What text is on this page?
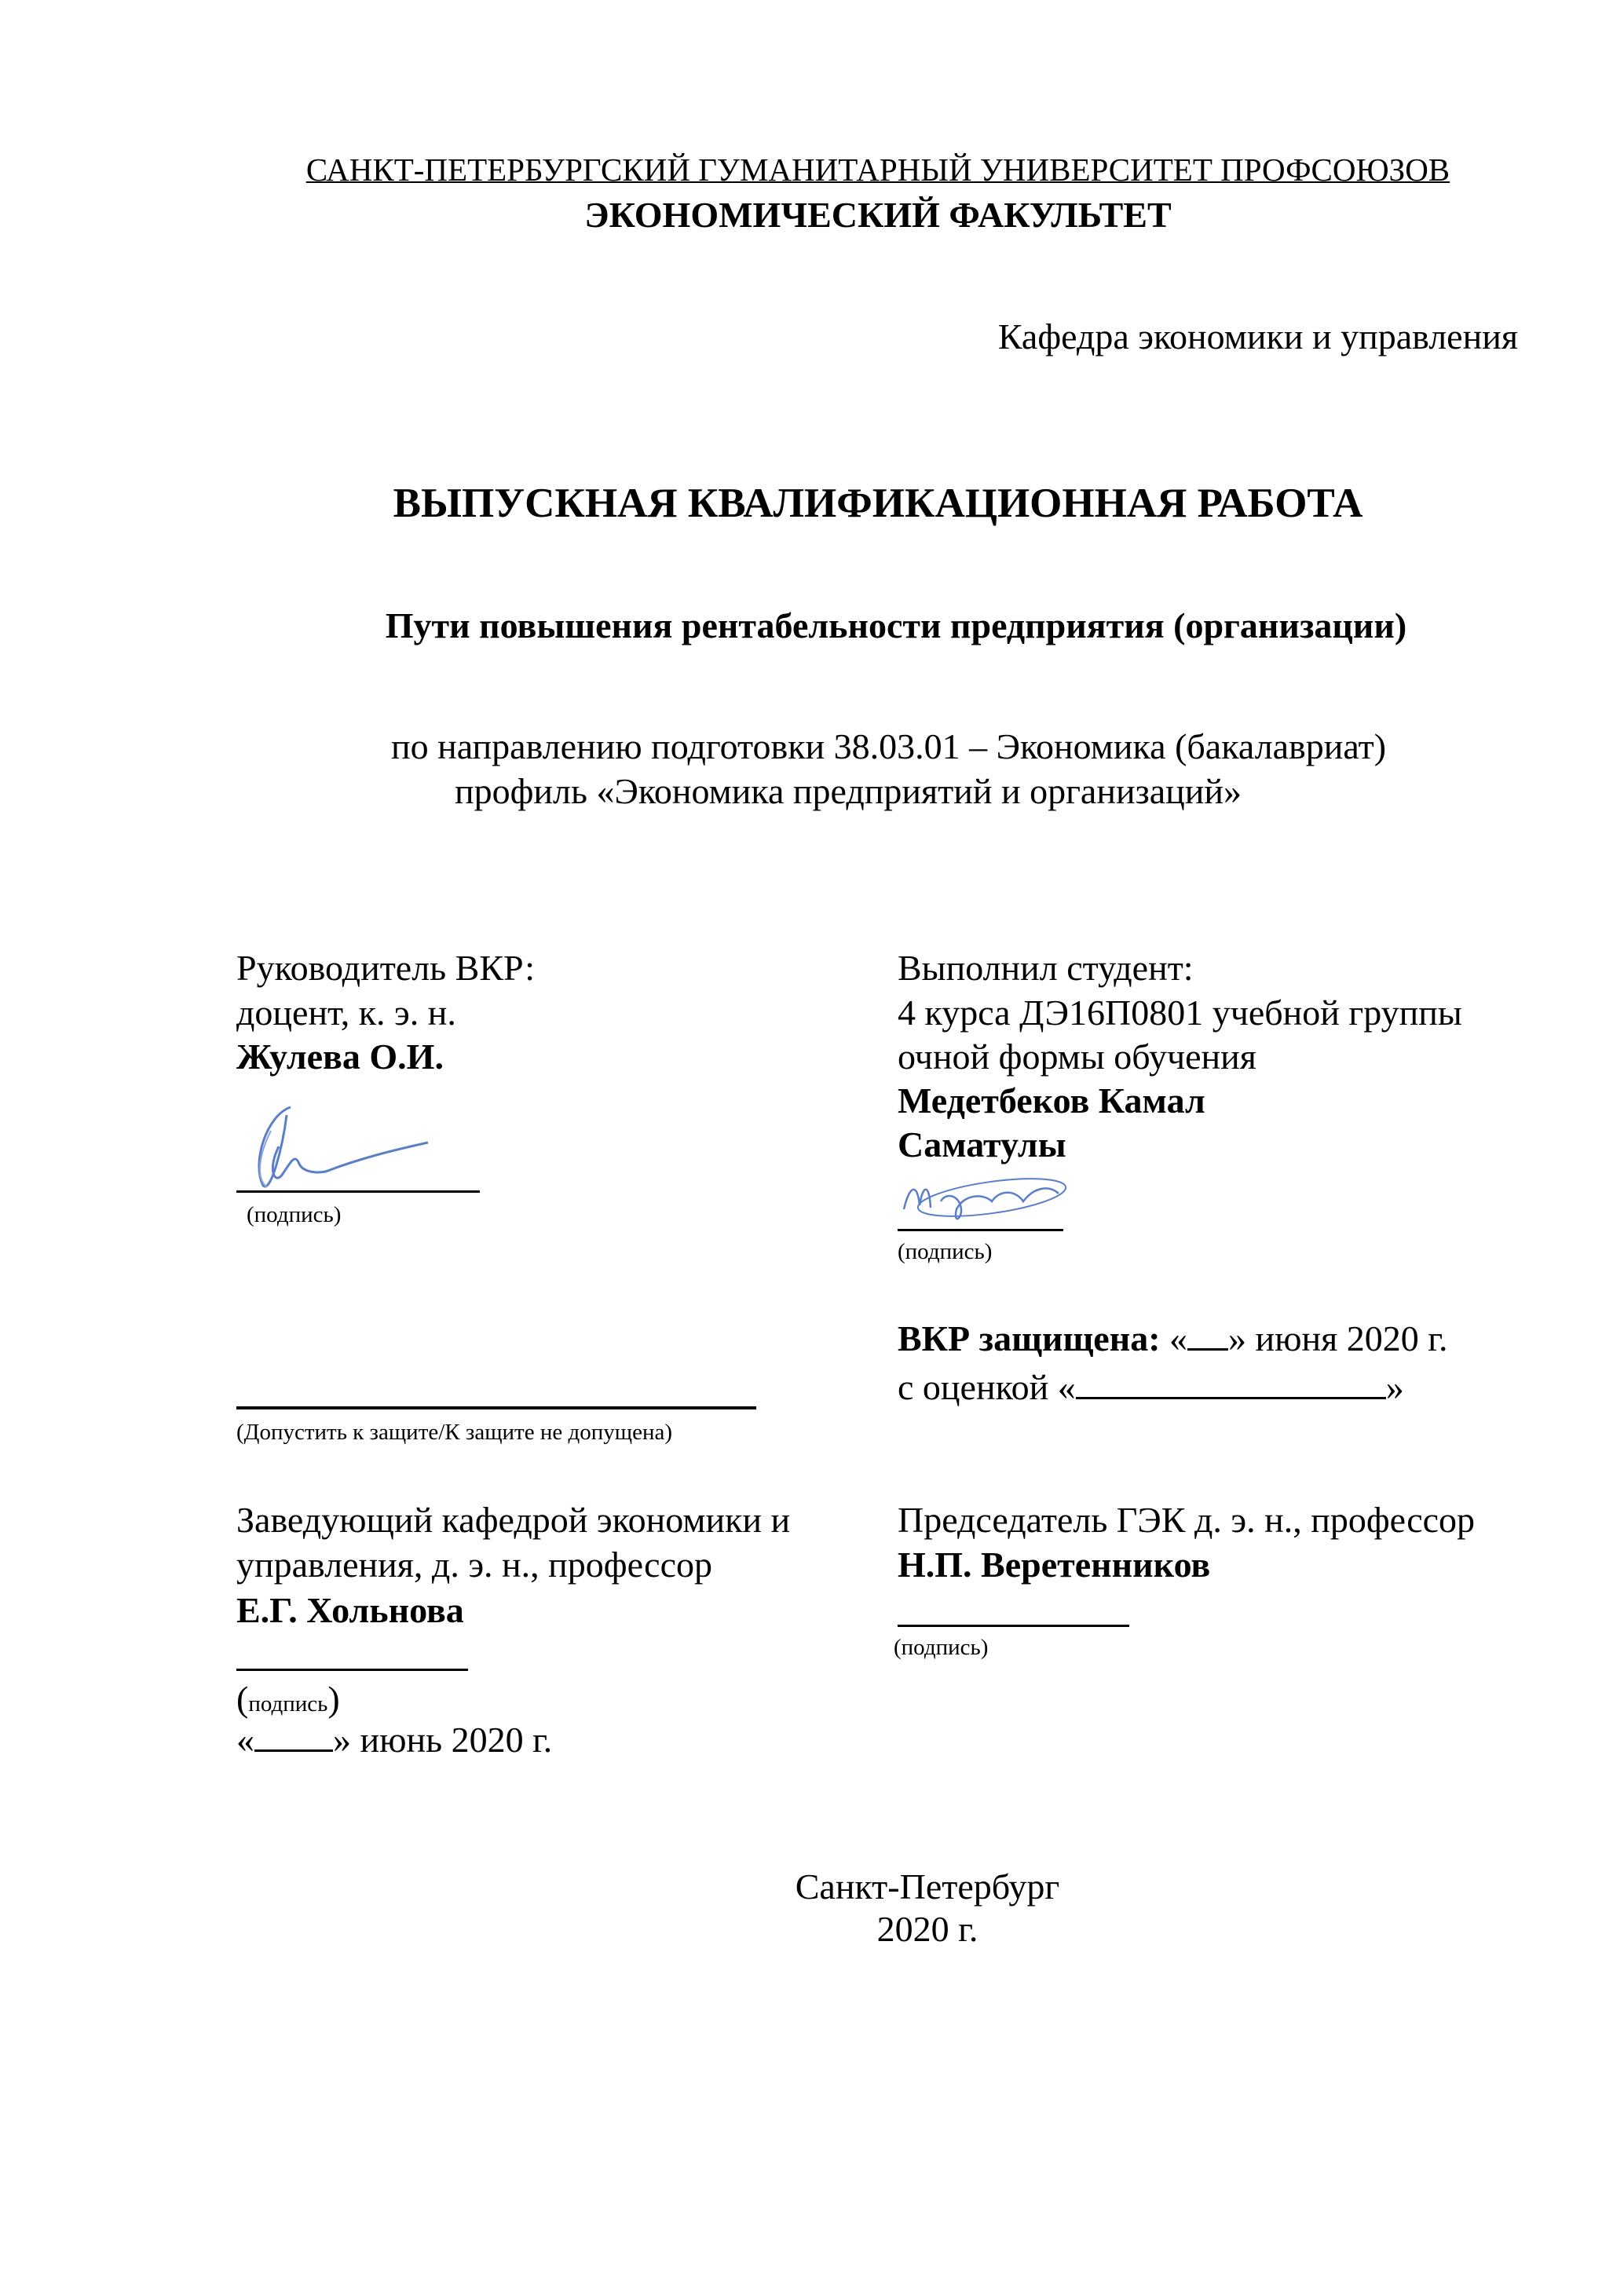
САНКТ-ПЕТЕРБУРГСКИЙ ГУМАНИТАРНЫЙ УНИВЕРСИТЕТ ПРОФСОЮЗОВ
ЭКОНОМИЧЕСКИЙ ФАКУЛЬТЕТ
Кафедра экономики и управления
ВЫПУСКНАЯ КВАЛИФИКАЦИОННАЯ РАБОТА
Пути повышения рентабельности предприятия (организации)
по направлению подготовки 38.03.01 – Экономика (бакалавриат)
профиль «Экономика предприятий и организаций»
Руководитель ВКР:
доцент, к. э. н.
Жулева О.И.
(подпись)
Выполнил студент:
4 курса ДЭ16П0801 учебной группы
очной формы обучения
Медетбеков Камал
Саматулы
(подпись)
ВКР защищена: « » июня 2020 г.
с оценкой «	»
(Допустить к защите/К защите не допущена)
Заведующий кафедрой экономики и
управления, д. э. н., профессор
Е.Г. Хольнова
(подпись)
« » июнь 2020 г.
Председатель ГЭК д. э. н., профессор
Н.П. Веретенников
(подпись)
Санкт-Петербург
2020 г.
